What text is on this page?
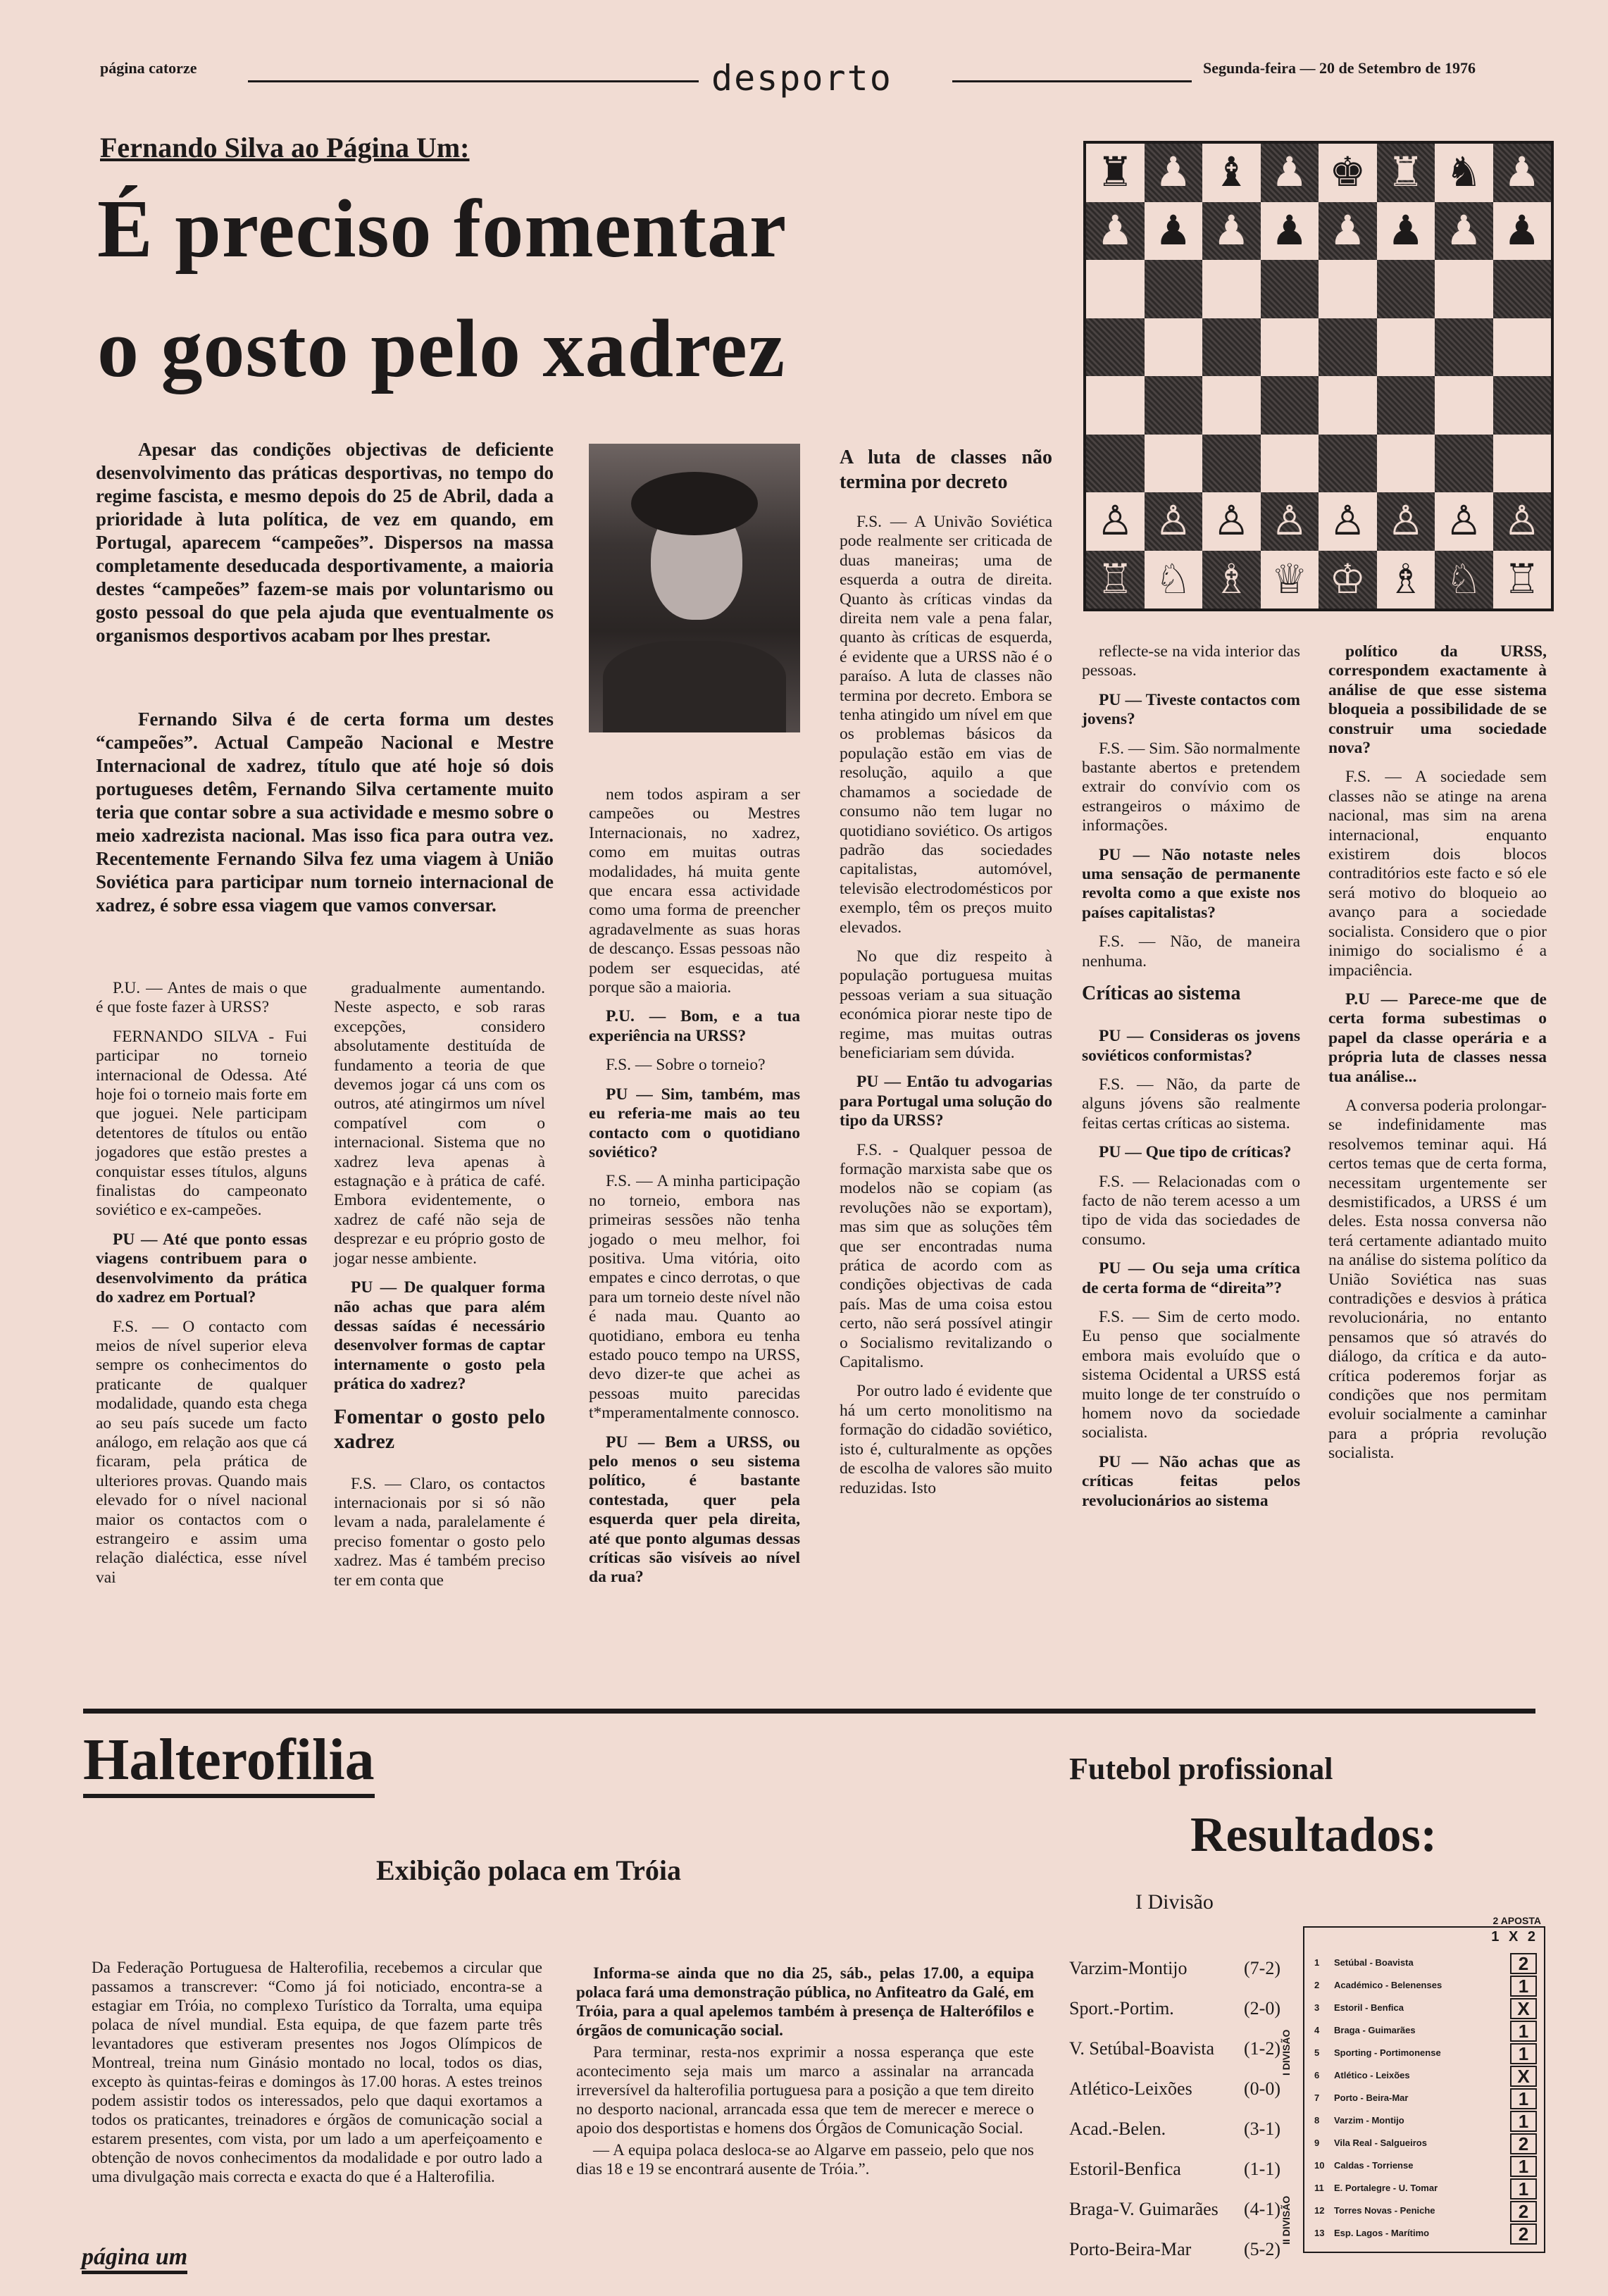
página catorze	desporto	Segunda-feira — 20 de Setembro de 1976
Fernando Silva ao Página Um:
É preciso fomentar
o gosto pelo xadrez
Apesar das condições objectivas de deficiente desenvolvimento das práticas desportivas, no tempo do regime fascista, e mesmo depois do 25 de Abril, dada a prioridade à luta política, de vez em quando, em Portugal, aparecem “campeões”. Dispersos na massa completamente deseducada desportivamente, a maioria destes “campeões” fazem-se mais por voluntarismo ou gosto pessoal do que pela ajuda que eventualmente os organismos desportivos acabam por lhes prestar.
Fernando Silva é de certa forma um destes “campeões”. Actual Campeão Nacional e Mestre Internacional de xadrez, título que até hoje só dois portugueses detêm, Fernando Silva certamente muito teria que contar sobre a sua actividade e mesmo sobre o meio xadrezista nacional. Mas isso fica para outra vez. Recentemente Fernando Silva fez uma viagem à União Soviética para participar num torneio internacional de xadrez, é sobre essa viagem que vamos conversar.
♜ ♟ ♝ ♟ ♚ ♜ ♞ ♟
♟ ♟ ♟ ♟ ♟ ♟ ♟ ♟
♙ ♙ ♙ ♙ ♙ ♙ ♙ ♙
♖ ♘ ♗ ♕ ♔ ♗ ♘ ♖

P.U. — Antes de mais o que é que foste fazer à URSS?

FERNANDO SILVA - Fui participar no torneio internacional de Odessa. Até hoje foi o torneio mais forte em que joguei. Nele participam detentores de títulos ou então jogadores que estão prestes a conquistar esses títulos, alguns finalistas do campeonato soviético e ex-campeões.

PU — Até que ponto essas viagens contribuem para o desenvolvimento da prática do xadrez em Portual?

F.S. — O contacto com meios de nível superior eleva sempre os conhecimentos do praticante de qualquer modalidade, quando esta chega ao seu país sucede um facto análogo, em relação aos que cá ficaram, pela prática de ulteriores provas. Quando mais elevado for o nível nacional maior os contactos com o estrangeiro e assim uma relação dialéctica, esse nível vai

gradualmente aumentando. Neste aspecto, e sob raras excepções, considero absolutamente destituída de fundamento a teoria de que devemos jogar cá uns com os outros, até atingirmos um nível compatível com o internacional. Sistema que no xadrez leva apenas à estagnação e à prática de café. Embora evidentemente, o xadrez de café não seja de desprezar e eu próprio gosto de jogar nesse ambiente.

PU — De qualquer forma não achas que para além dessas saídas é necessário desenvolver formas de captar internamente o gosto pela prática do xadrez?

Fomentar o gosto pelo xadrez

F.S. — Claro, os contactos internacionais por si só não levam a nada, paralelamente é preciso fomentar o gosto pelo xadrez. Mas é também preciso ter em conta que

nem todos aspiram a ser campeões ou Mestres Internacionais, no xadrez, como em muitas outras modalidades, há muita gente que encara essa actividade como uma forma de preencher agradavelmente as suas horas de descanço. Essas pessoas não podem ser esquecidas, até porque são a maioria.

P.U. — Bom, e a tua experiência na URSS?

F.S. — Sobre o torneio?

PU — Sim, também, mas eu referia-me mais ao teu contacto com o quotidiano soviético?

F.S. — A minha participação no torneio, embora nas primeiras sessões não tenha jogado o meu melhor, foi positiva. Uma vitória, oito empates e cinco derrotas, o que para um torneio deste nível não é nada mau. Quanto ao quotidiano, embora eu tenha estado pouco tempo na URSS, devo dizer-te que achei as pessoas muito parecidas t*mperamentalmente connosco.

PU — Bem a URSS, ou pelo menos o seu sistema político, é bastante contestada, quer pela esquerda quer pela direita, até que ponto algumas dessas críticas são visíveis ao nível da rua?

A luta de classes não termina por decreto

F.S. — A Univão Soviética pode realmente ser criticada de duas maneiras; uma de esquerda a outra de direita. Quanto às críticas vindas da direita nem vale a pena falar, quanto às críticas de esquerda, é evidente que a URSS não é o paraíso. A luta de classes não termina por decreto. Embora se tenha atingido um nível em que os problemas básicos da população estão em vias de resolução, aquilo a que chamamos a sociedade de consumo não tem lugar no quotidiano soviético. Os artigos padrão das sociedades capitalistas, automóvel, televisão electrodomésticos por exemplo, têm os preços muito elevados.

No que diz respeito à população portuguesa muitas pessoas veriam a sua situação económica piorar neste tipo de regime, mas muitas outras beneficiariam sem dúvida.

PU — Então tu advogarias para Portugal uma solução do tipo da URSS?

F.S. - Qualquer pessoa de formação marxista sabe que os modelos não se copiam (as revoluções não se exportam), mas sim que as soluções têm que ser encontradas numa prática de acordo com as condições objectivas de cada país. Mas de uma coisa estou certo, não será possível atingir o Socialismo revitalizando o Capitalismo.

Por outro lado é evidente que há um certo monolitismo na formação do cidadão soviético, isto é, culturalmente as opções de escolha de valores são muito reduzidas. Isto

reflecte-se na vida interior das pessoas.

PU — Tiveste contactos com jovens?

F.S. — Sim. São normalmente bastante abertos e pretendem extrair do convívio com os estrangeiros o máximo de informações.

PU — Não notaste neles uma sensação de permanente revolta como a que existe nos países capitalistas?

F.S. — Não, de maneira nenhuma.

Críticas ao sistema

PU — Consideras os jovens soviéticos conformistas?

F.S. — Não, da parte de alguns jóvens são realmente feitas certas críticas ao sistema.

PU — Que tipo de críticas?

F.S. — Relacionadas com o facto de não terem acesso a um tipo de vida das sociedades de consumo.

PU — Ou seja uma crítica de certa forma de “direita”?

F.S. — Sim de certo modo. Eu penso que socialmente embora mais evoluído que o sistema Ocidental a URSS está muito longe de ter construído o homem novo da sociedade socialista.

PU — Não achas que as críticas feitas pelos revolucionários ao sistema

político da URSS, correspondem exactamente à análise de que esse sistema bloqueia a possibilidade de se construir uma sociedade nova?

F.S. — A sociedade sem classes não se atinge na arena nacional, mas sim na arena internacional, enquanto existirem dois blocos contraditórios este facto e só ele será motivo do bloqueio ao avanço para a sociedade socialista. Considero que o pior inimigo do socialismo é a impaciência.

P.U — Parece-me que de certa forma subestimas o papel da classe operária e a própria luta de classes nessa tua análise...

A conversa poderia prolongar-se indefinidamente mas resolvemos teminar aqui. Há certos temas que de certa forma, necessitam urgentemente ser desmistificados, a URSS é um deles. Esta nossa conversa não terá certamente adiantado muito na análise do sistema político da União Soviética nas suas contradições e desvios à prática revolucionária, no entanto pensamos que só através do diálogo, da crítica e da auto-crítica poderemos forjar as condições que nos permitam evoluir socialmente a caminhar para a própria revolução socialista.

Halterofilia
Exibição polaca em Tróia
Da Federação Portuguesa de Halterofilia, recebemos a circular que passamos a transcrever: “Como já foi noticiado, encontra-se a estagiar em Tróia, no complexo Turístico da Torralta, uma equipa polaca de nível mundial. Esta equipa, de que fazem parte três levantadores que estiveram presentes nos Jogos Olímpicos de Montreal, treina num Ginásio montado no local, todos os dias, excepto às quintas-feiras e domingos às 17.00 horas. A estes treinos podem assistir todos os interessados, pelo que daqui exortamos a todos os praticantes, treinadores e órgãos de comunicação social a estarem presentes, com vista, por um lado a um aperfeiçoamento e obtenção de novos conhecimentos da modalidade e por outro lado a uma divulgação mais correcta e exacta do que é a Halterofilia.

Informa-se ainda que no dia 25, sáb., pelas 17.00, a equipa polaca fará uma demonstração pública, no Anfiteatro da Galé, em Tróia, para a qual apelemos também à presença de Halterófilos e órgãos de comunicação social.

Para terminar, resta-nos exprimir a nossa esperança que este acontecimento seja mais um marco a assinalar na arrancada irreversível da halterofilia portuguesa para a posição a que tem direito no desporto nacional, arrancada essa que tem de merecer e merece o apoio dos desportistas e homens dos Órgãos de Comunicação Social.

— A equipa polaca desloca-se ao Algarve em passeio, pelo que nos dias 18 e 19 se encontrará ausente de Tróia.”.

Futebol profissional
Resultados:
I Divisão
Varzim-Montijo	(7-2)
Sport.-Portim.	(2-0)
V. Setúbal-Boavista (1-2)
Atlético-Leixões	(0-0)
Acad.-Belen.	(3-1)
Estoril-Benfica	(1-1)
Braga-V. Guimarães (4-1)
Porto-Beira-Mar	(5-2)
2 APOSTA
1 X 2
I DIVISÃO
II DIVISÃO
1 Setúbal - Boavista	2
2 Académico - Belenenses	1
3 Estoril - Benfica	X
4 Braga - Guimarães	1
5 Sporting - Portimonense	1
6 Atlético - Leixões	X
7 Porto - Beira-Mar	1
8 Varzim - Montijo	1
9 Vila Real - Salgueiros	2
10 Caldas - Torriense	1
11 E. Portalegre - U. Tomar	1
12 Torres Novas - Peniche	2
13 Esp. Lagos - Marítimo	2
página um
